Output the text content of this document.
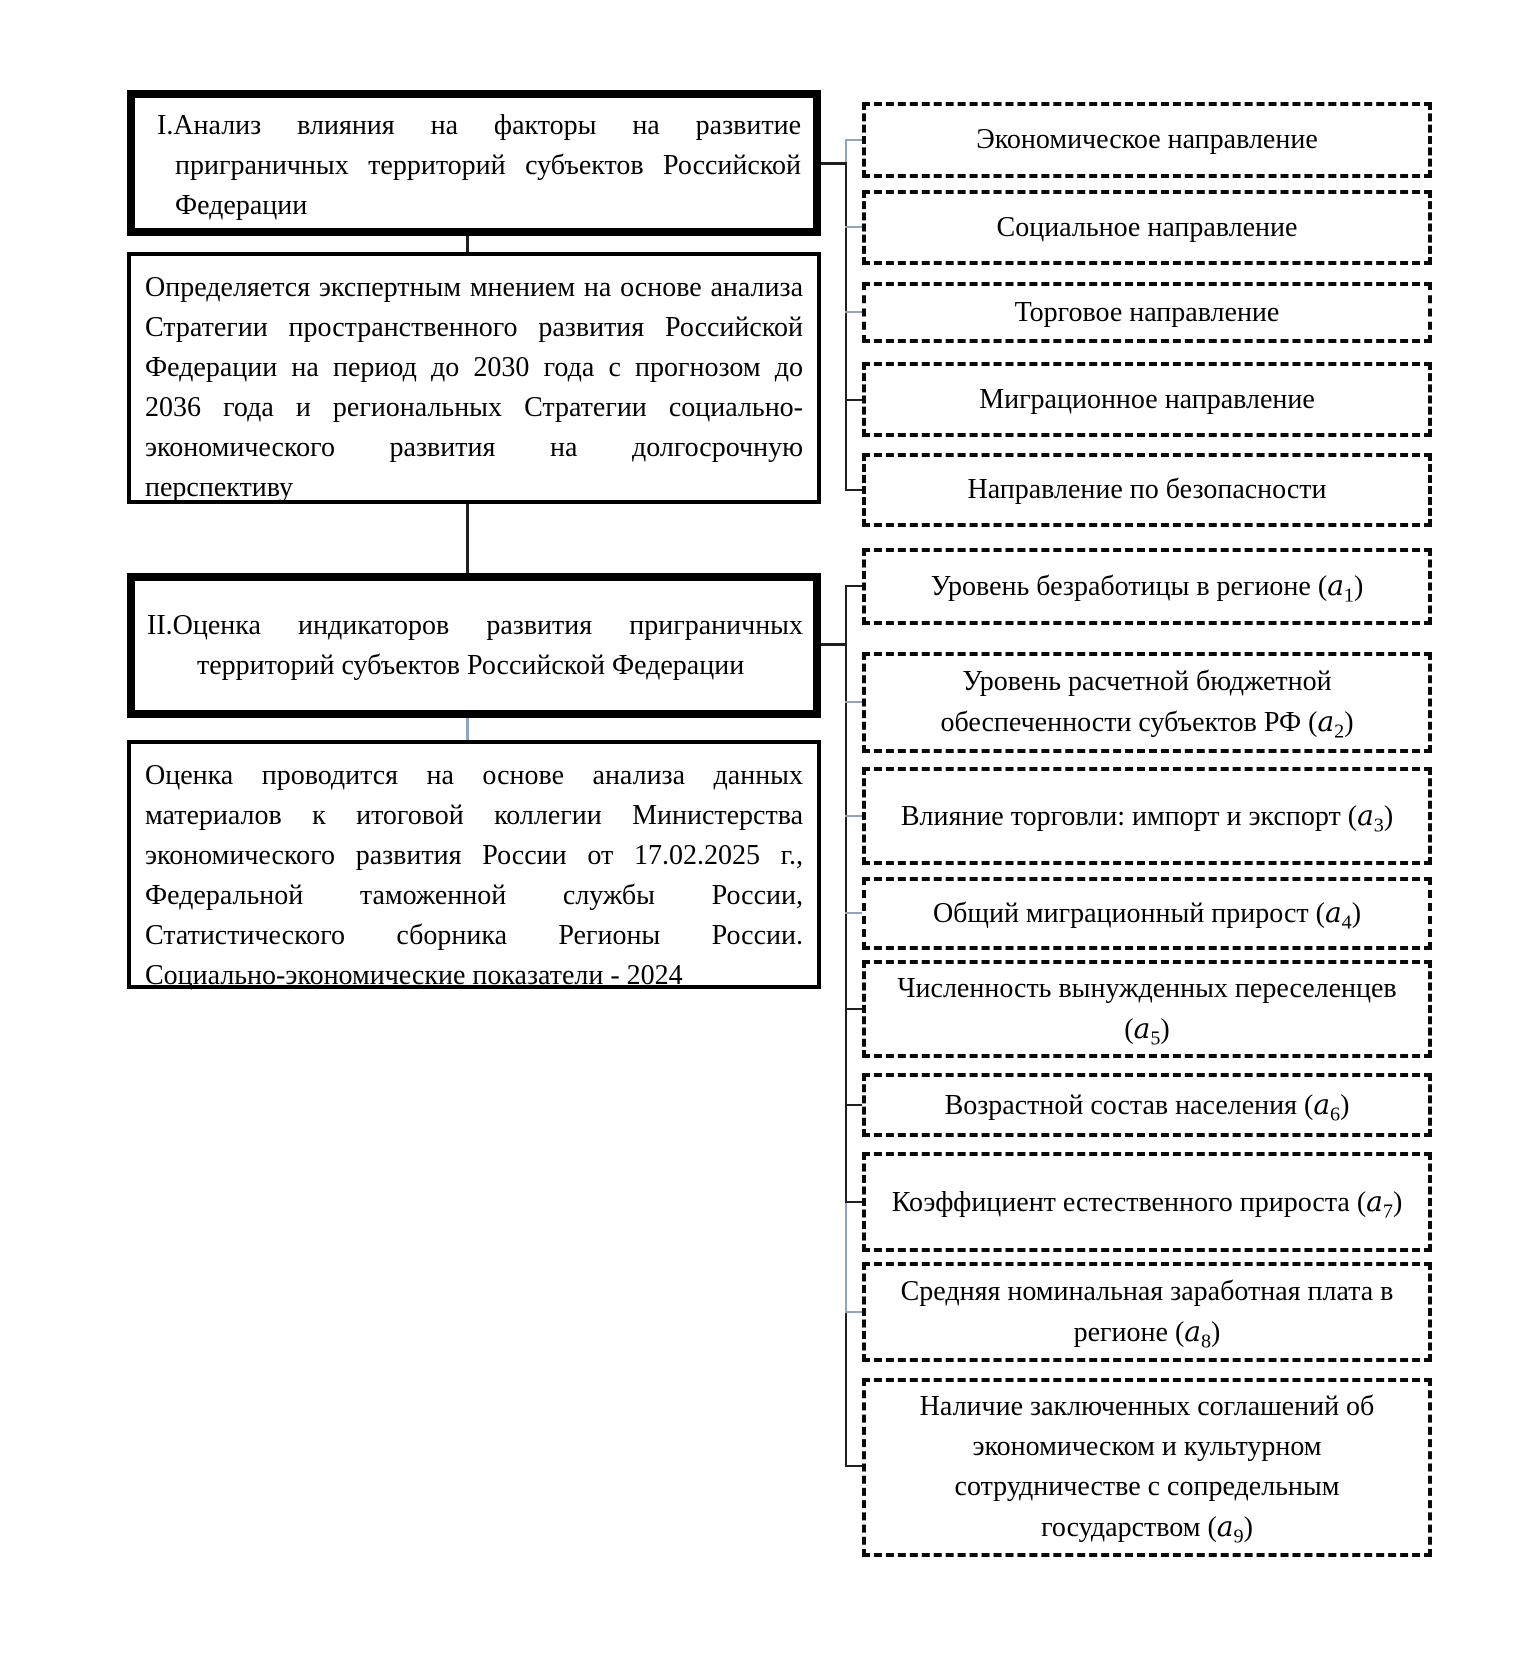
I.Анализ влияния на факторы на развитие приграничных территорий субъектов Российской Федерации

Определяется экспертным мнением на основе анализа Стратегии пространственного развития Российской Федерации на период до 2030 года с прогнозом до 2036 года и региональных Стратегии социально-экономического развития на долгосрочную перспективу

II.Оценка индикаторов развития приграничных территорий субъектов Российской Федерации

Оценка проводится на основе анализа данных материалов к итоговой коллегии Министерства экономического развития России от 17.02.2025 г., Федеральной таможенной службы России, Статистического сборника Регионы России. Социально-экономические показатели - 2024

Экономическое направление

Социальное направление

Торговое направление

Миграционное направление

Направление по безопасности

Уровень безработицы в регионе $(a_1)$

Уровень расчетной бюджетной обеспеченности субъектов РФ $(a_2)$

Влияние торговли: импорт и экспорт $(a_3)$

Общий миграционный прирост $(a_4)$

Численность вынужденных переселенцев $(a_5)$

Возрастной состав населения $(a_6)$

Коэффициент естественного прироста $(a_7)$

Средняя номинальная заработная плата в регионе $(a_8)$

Наличие заключенных соглашений об экономическом и культурном сотрудничестве с сопредельным государством $(a_9)$
